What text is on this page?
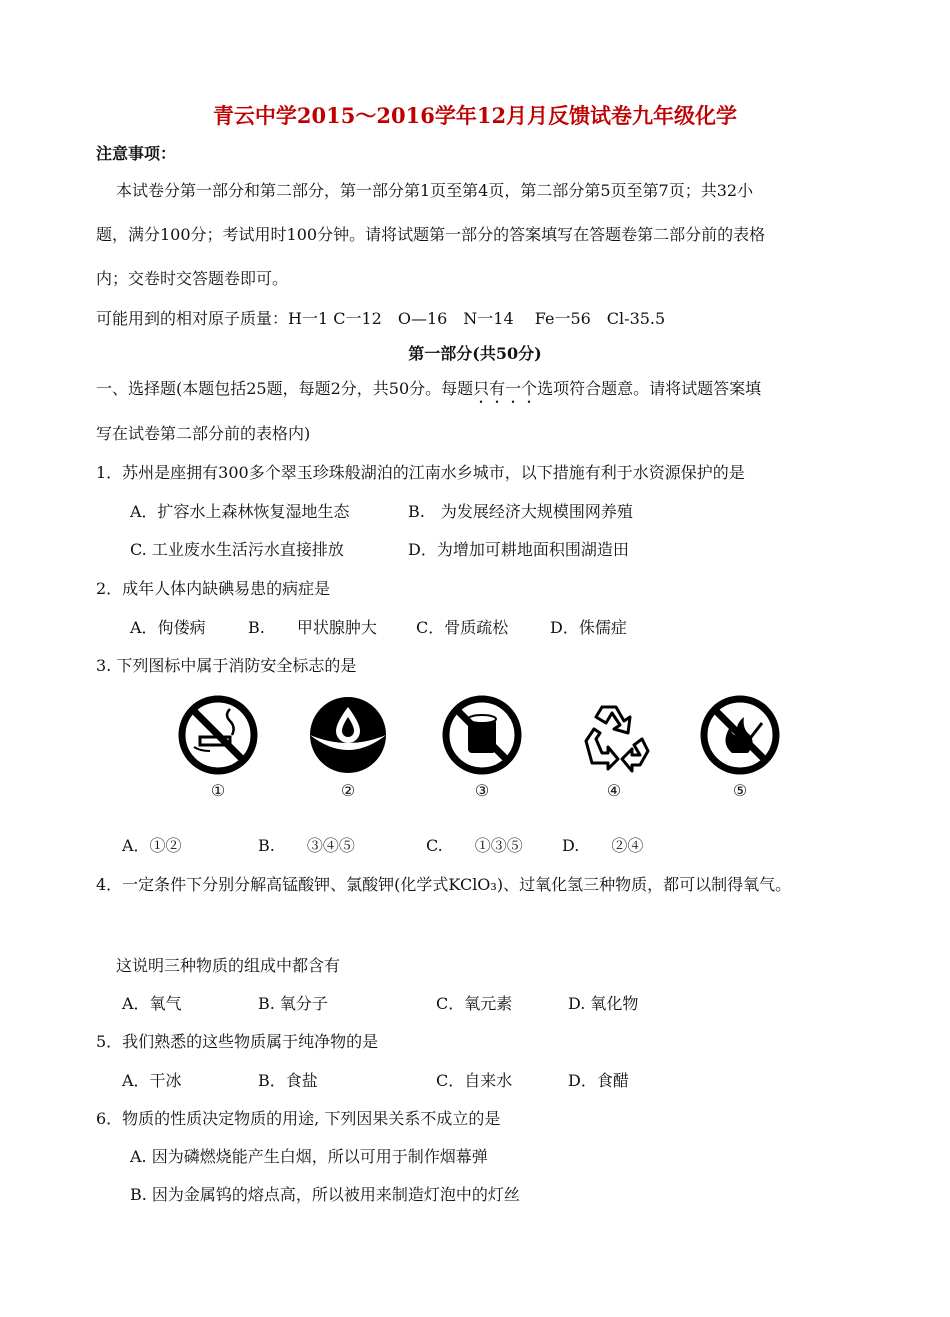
青云中学2015～2016学年12月月反馈试卷九年级化学
注意事项：
本试卷分第一部分和第二部分，第一部分第1页至第4页，第二部分第5页至第7页；共32小
题，满分100分；考试用时100分钟。请将试题第一部分的答案填写在答题卷第二部分前的表格
内；交卷时交答题卷即可。
可能用到的相对原子质量：H一1 C一12　O—16　N一14　 Fe一56　Cl-35.5
第一部分(共50分)
一、选择题(本题包括25题，每题2分，共50分。每题只有一个选项符合题意。请将试题答案填
写在试卷第二部分前的表格内)
1．苏州是座拥有300多个翠玉珍珠般湖泊的江南水乡城市，以下措施有利于水资源保护的是
A．扩容水上森林恢复湿地生态	B.　为发展经济大规模围网养殖
C. 工业废水生活污水直接排放	D．为增加可耕地面积围湖造田
2．成年人体内缺碘易患的病症是
A．佝偻病	B.　　甲状腺肿大 C．骨质疏松	D．侏儒症
3. 下列图标中属于消防安全标志的是
①	②	③	④	⑤
A．①②	B.　　③④⑤	C.　　①③⑤ D.　　②④
4．一定条件下分别分解高锰酸钾、氯酸钾(化学式KClO₃)、过氧化氢三种物质，都可以制得氧气。
这说明三种物质的组成中都含有
A．氧气	B. 氧分子	C．氧元素	D. 氧化物
5．我们熟悉的这些物质属于纯净物的是
A．干冰	B．食盐	C．自来水	D．食醋
6．物质的性质决定物质的用途, 下列因果关系不成立的是
A. 因为磷燃烧能产生白烟，所以可用于制作烟幕弹
B. 因为金属钨的熔点高，所以被用来制造灯泡中的灯丝
